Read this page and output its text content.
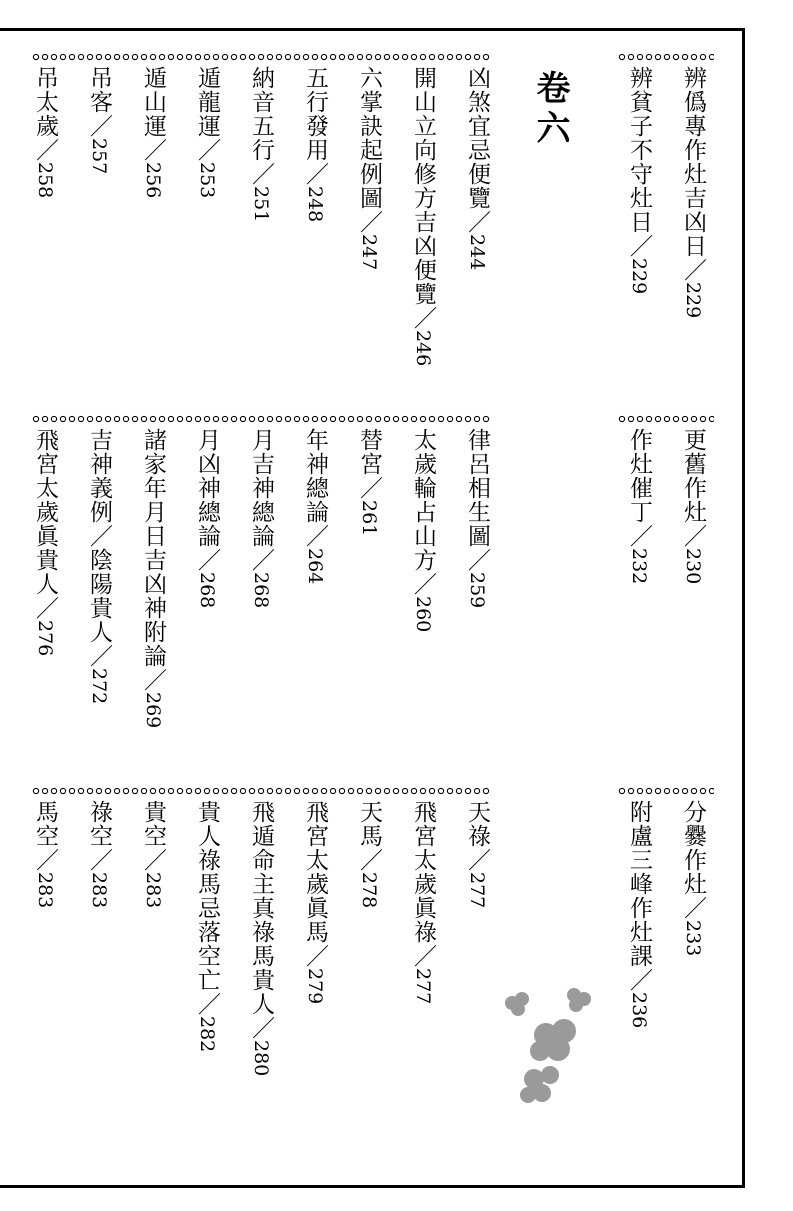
卷六
吊太歲／258
吊客／257
遁山運／256
遁龍運／253
納音五行／251
五行發用／248 六掌訣起例圖／247 開山立向修方吉凶便覽／246
凶煞宜忌便覽／244
辨貧子不守灶日／229
辨僞專作灶吉凶日／229
飛宮太歲眞貴人／276 吉神義例／陰陽貴人／272
諸家年月日吉凶神附論／269
月凶神總論／268
月吉神總論／268
年神總論／264
替宮／261 太歲輪占山方／260
律呂相生圖／259
作灶催丁／232
更舊作灶／230
馬空／283
祿空／283
貴空／283 貴人祿馬忌落空亡／282
飛遁命主真祿馬貴人／280
飛宮太歲眞馬／279
天馬／278 飛宮太歲眞祿／277
天祿／277	附盧三峰作灶課／236
分爨作灶／233
